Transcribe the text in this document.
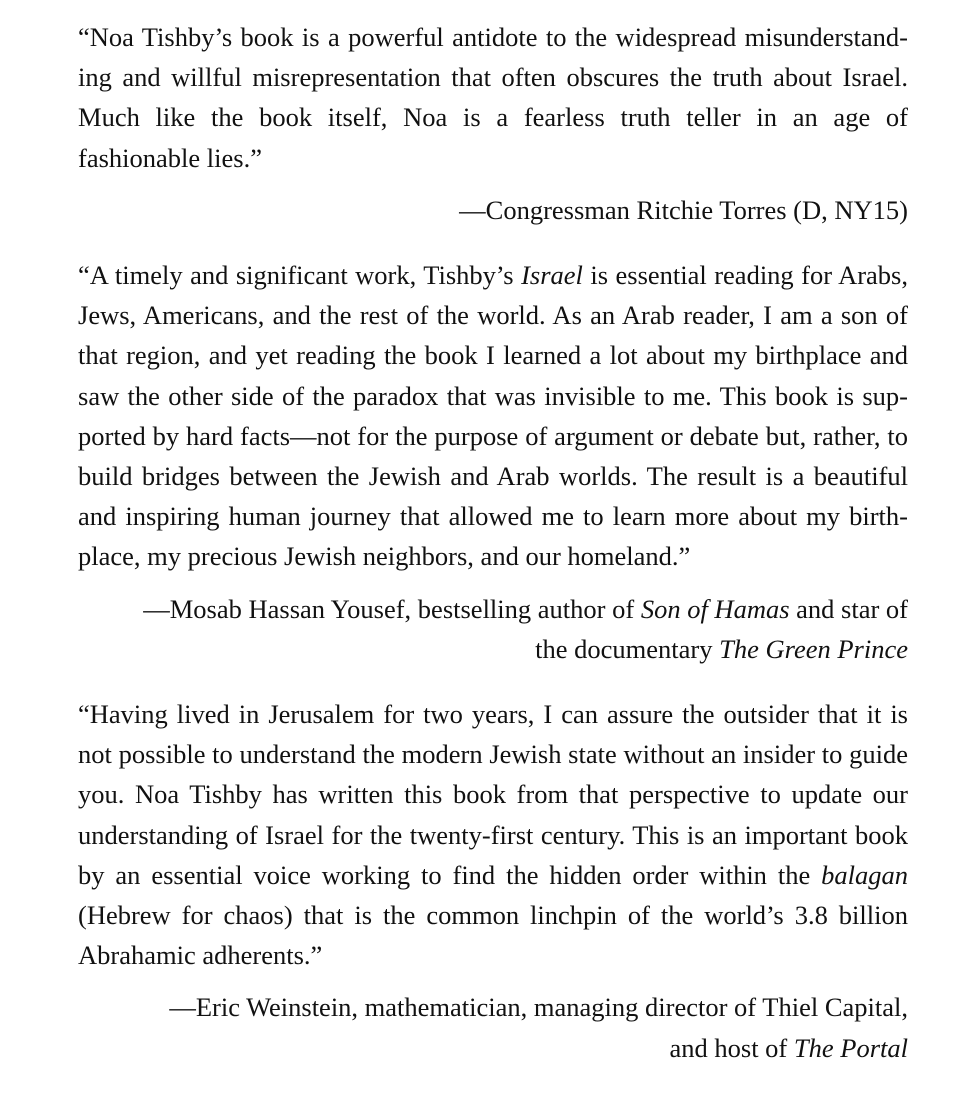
“Noa Tishby’s book is a powerful antidote to the widespread misunderstanding and willful misrepresentation that often obscures the truth about Israel. Much like the book itself, Noa is a fearless truth teller in an age of fashionable lies.”

—Congressman Ritchie Torres (D, NY15)

“A timely and significant work, Tishby’s Israel is essential reading for Arabs, Jews, Americans, and the rest of the world. As an Arab reader, I am a son of that region, and yet reading the book I learned a lot about my birthplace and saw the other side of the paradox that was invisible to me. This book is supported by hard facts—not for the purpose of argument or debate but, rather, to build bridges between the Jewish and Arab worlds. The result is a beautiful and inspiring human journey that allowed me to learn more about my birthplace, my precious Jewish neighbors, and our homeland.”

—Mosab Hassan Yousef, bestselling author of Son of Hamas and star of the documentary The Green Prince

“Having lived in Jerusalem for two years, I can assure the outsider that it is not possible to understand the modern Jewish state without an insider to guide you. Noa Tishby has written this book from that perspective to update our understanding of Israel for the twenty-first century. This is an important book by an essential voice working to find the hidden order within the balagan (Hebrew for chaos) that is the common linchpin of the world’s 3.8 billion Abrahamic adherents.”

—Eric Weinstein, mathematician, managing director of Thiel Capital, and host of The Portal
